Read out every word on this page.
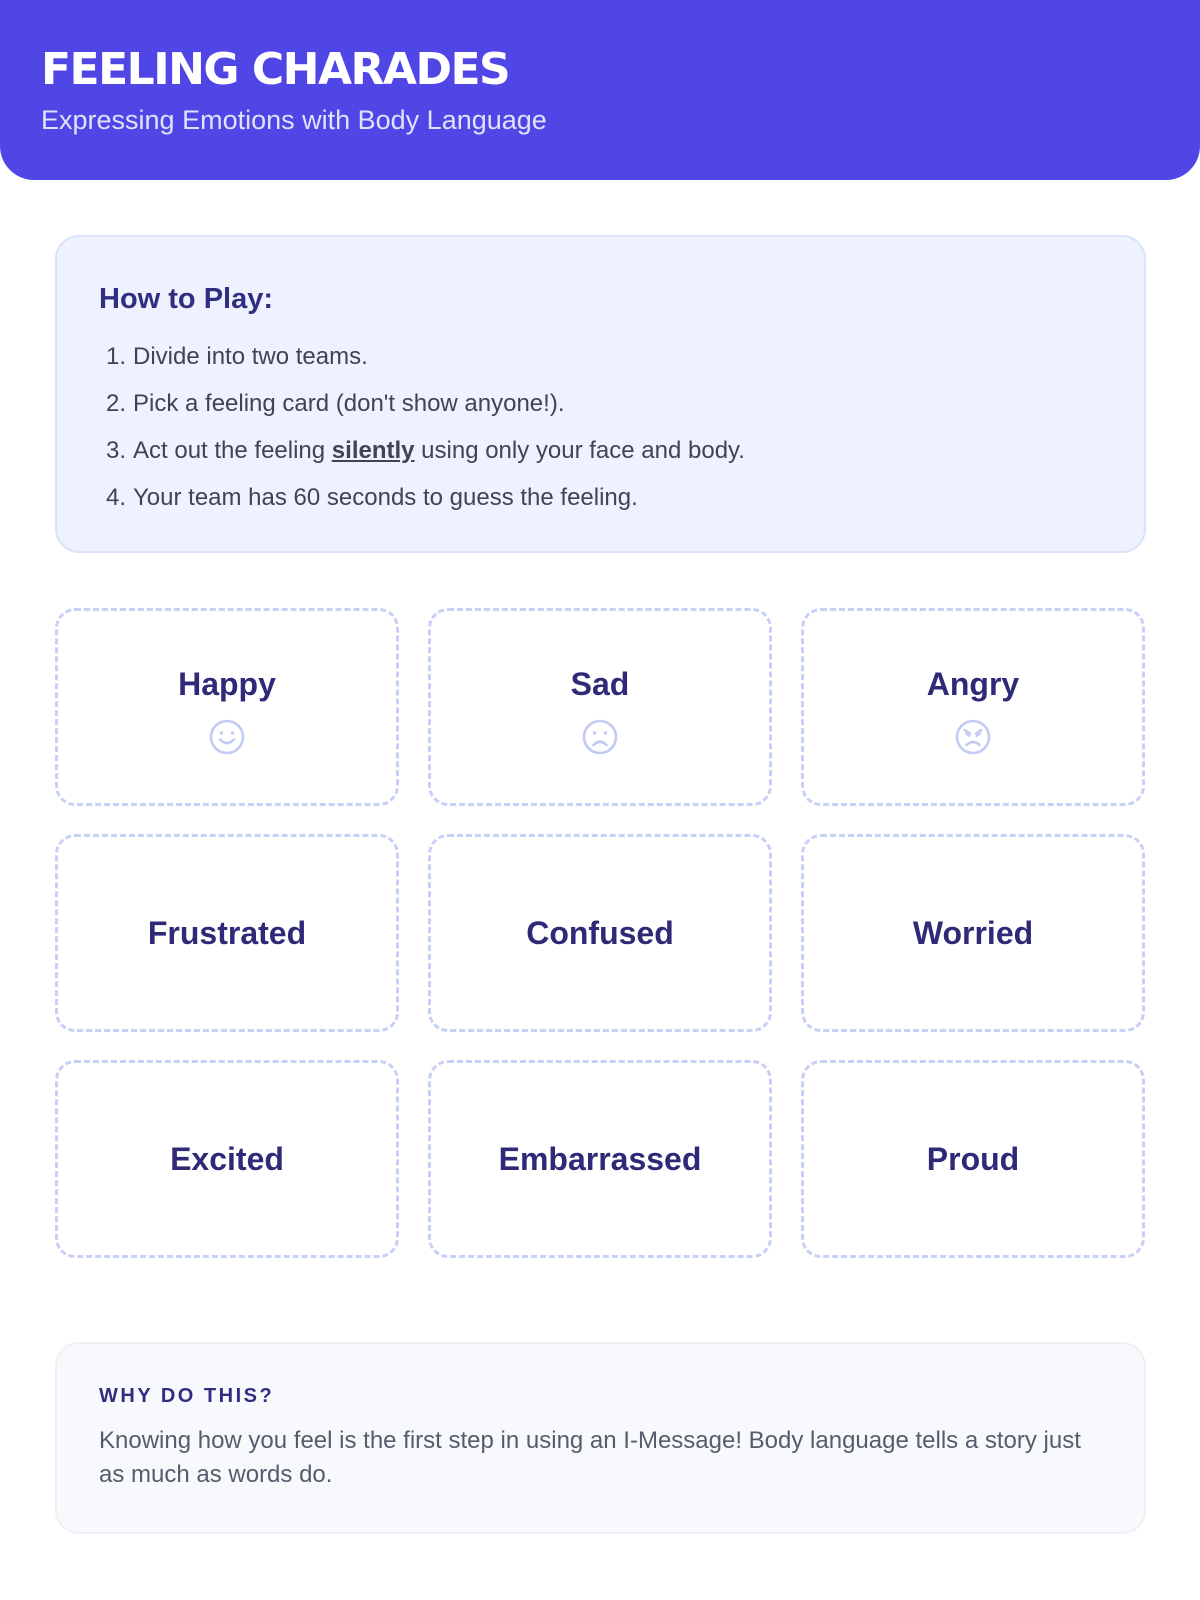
FEELING CHARADES
Expressing Emotions with Body Language
How to Play:
1. Divide into two teams.
2. Pick a feeling card (don't show anyone!).
3. Act out the feeling silently using only your face and body.
4. Your team has 60 seconds to guess the feeling.
Happy	Sad	Angry
Frustrated	Confused	Worried
Excited	Embarrassed	Proud
WHY DO THIS?

Knowing how you feel is the first step in using an I-Message! Body language tells a story just as much as words do.
